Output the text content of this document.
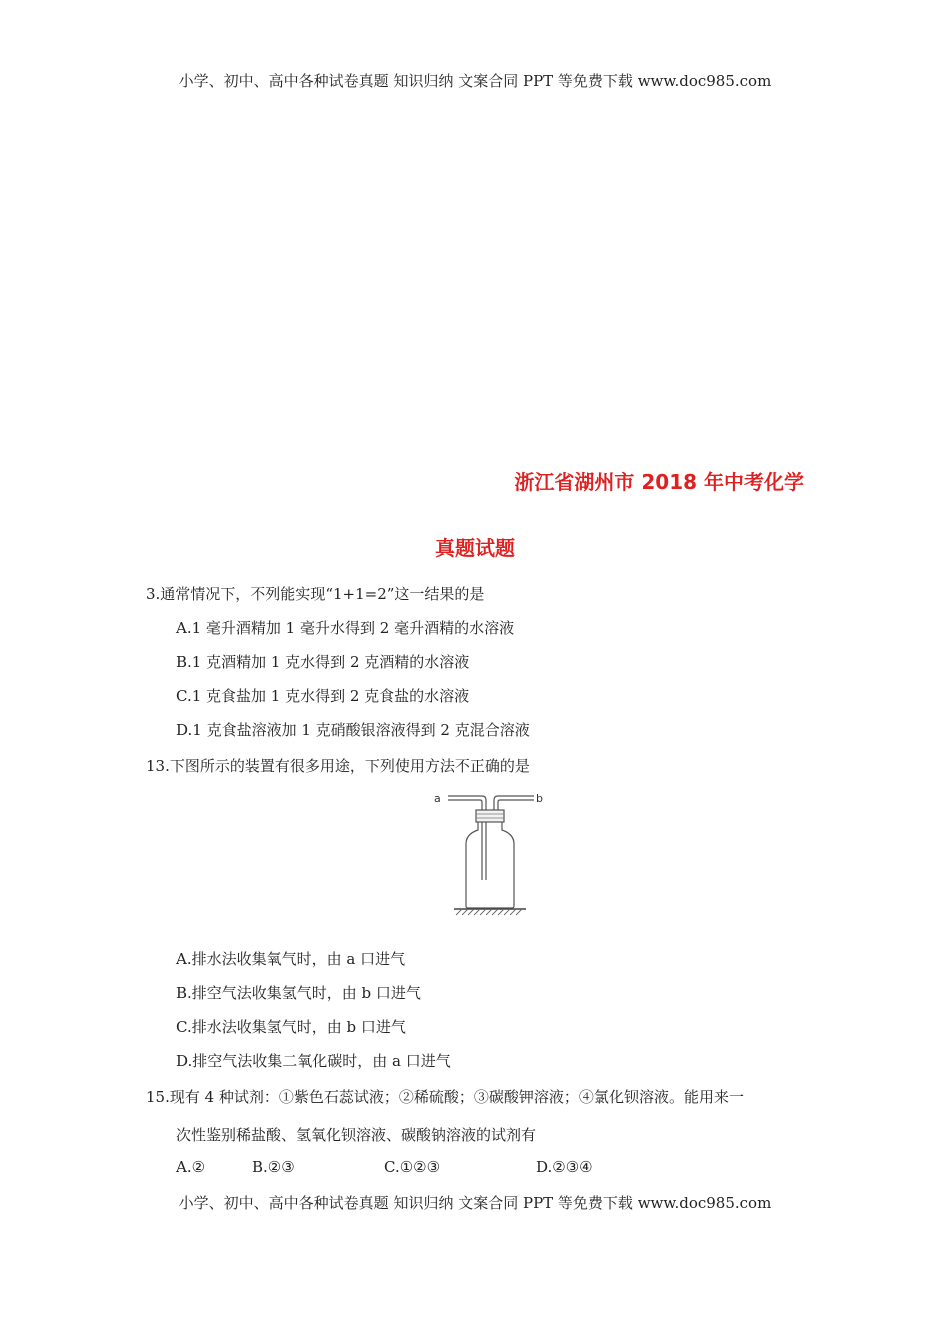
小学、初中、高中各种试卷真题 知识归纳 文案合同 PPT 等免费下载 www.doc985.com
浙江省湖州市 2018 年中考化学
真题试题
3.通常情况下，不列能实现“1+1=2”这一结果的是
A.1 毫升酒精加 1 毫升水得到 2 毫升酒精的水溶液
B.1 克酒精加 1 克水得到 2 克酒精的水溶液
C.1 克食盐加 1 克水得到 2 克食盐的水溶液
D.1 克食盐溶液加 1 克硝酸银溶液得到 2 克混合溶液
13.下图所示的装置有很多用途，下列使用方法不正确的是
a	b
A.排水法收集氧气时，由 a 口进气
B.排空气法收集氢气时，由 b 口进气
C.排水法收集氢气时，由 b 口进气
D.排空气法收集二氧化碳时，由 a 口进气
15.现有 4 种试剂：①紫色石蕊试液；②稀硫酸；③碳酸钾溶液；④氯化钡溶液。能用来一
次性鉴别稀盐酸、氢氧化钡溶液、碳酸钠溶液的试剂有
A.②	B.②③	C.①②③	D.②③④
小学、初中、高中各种试卷真题 知识归纳 文案合同 PPT 等免费下载 www.doc985.com
